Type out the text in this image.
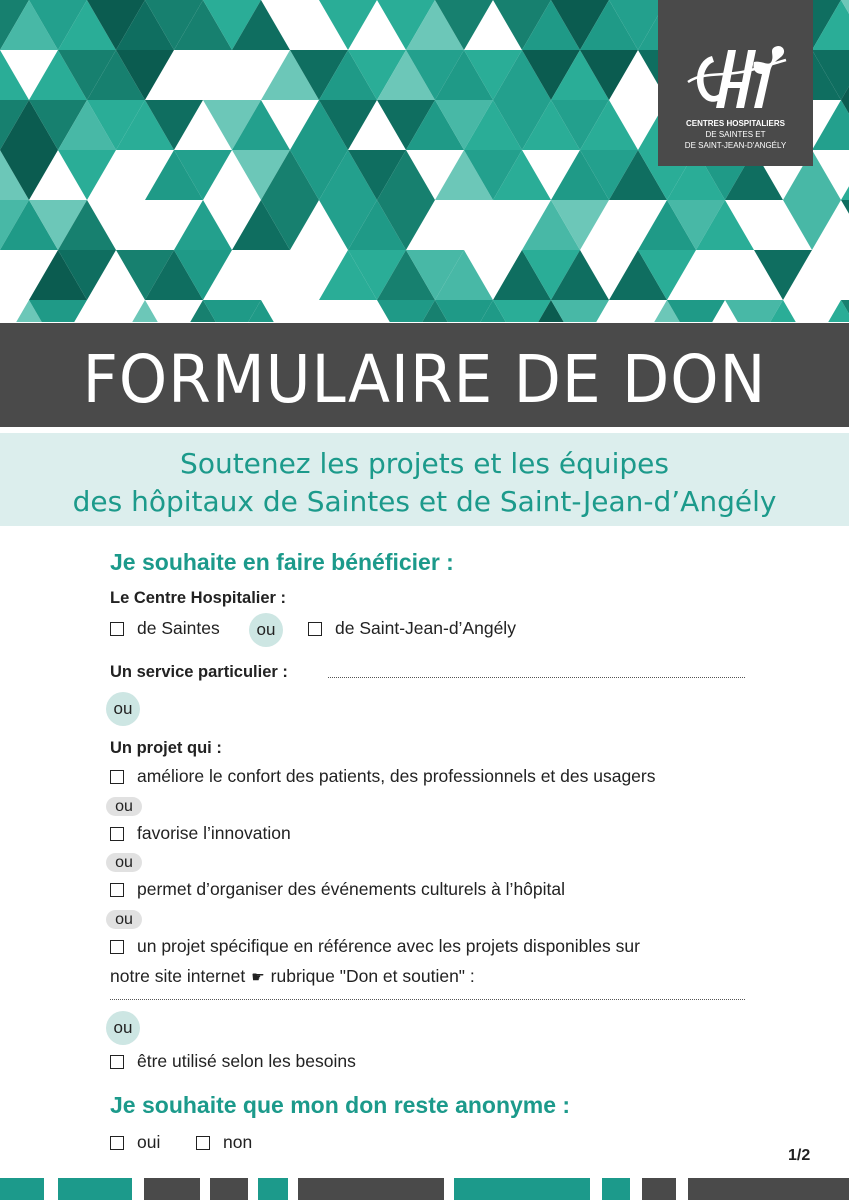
CENTRES HOSPITALIERS
DE SAINTES ET
DE SAINT-JEAN-D'ANGÉLY
FORMULAIRE DE DON
Soutenez les projets et les équipes
des hôpitaux de Saintes et de Saint-Jean-d’Angély
Je souhaite en faire bénéficier :
Le Centre Hospitalier :
de Saintes	ou	de Saint-Jean-d’Angély
Un service particulier :
ou
Un projet qui :
améliore le confort des patients, des professionnels et des usagers
ou
favorise l’innovation
ou
permet d’organiser des événements culturels à l’hôpital
ou
un projet spécifique en référence avec les projets disponibles sur
notre site internet ☛ rubrique "Don et soutien" :
ou
être utilisé selon les besoins
Je souhaite que mon don reste anonyme :
oui	non
1/2
